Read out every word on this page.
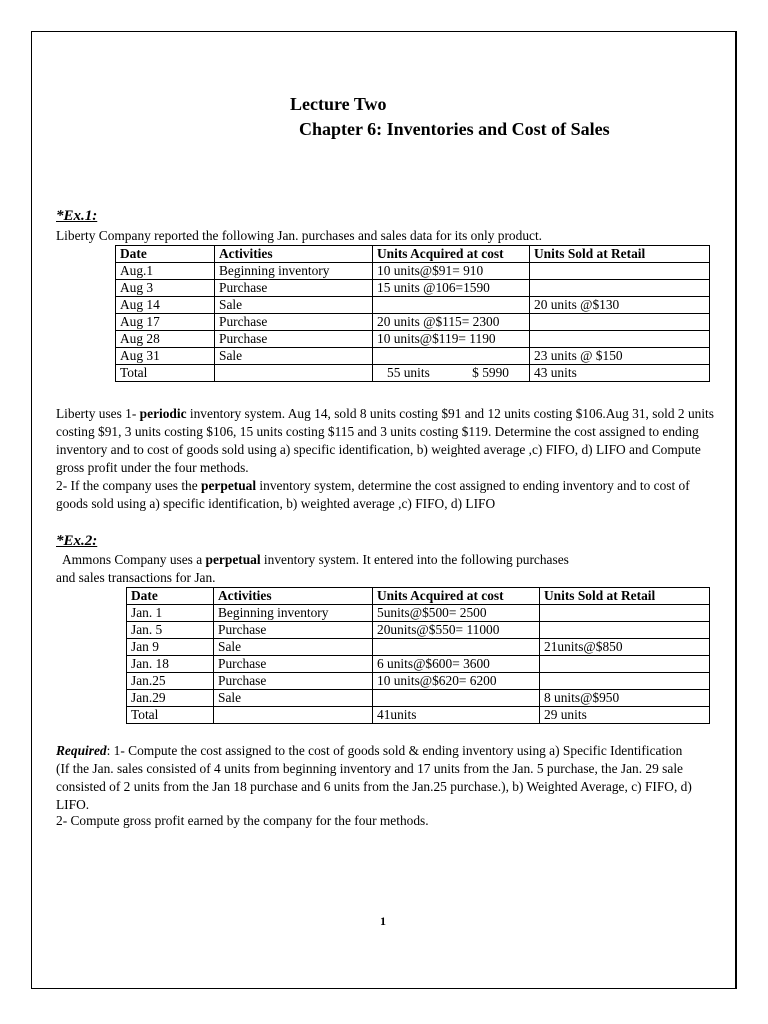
Lecture Two
Chapter 6: Inventories and Cost of Sales
*Ex.1:
Liberty Company reported the following Jan. purchases and sales data for its only product.
Date	Activities	Units Acquired at cost	Units Sold at Retail
Aug.1	Beginning inventory	10 units@$91= 910	
Aug 3	Purchase	15 units @106=1590	
Aug 14	Sale		20 units @$130
Aug 17	Purchase	20 units @$115= 2300	
Aug 28	Purchase	10 units@$119= 1190	
Aug 31	Sale		23 units @ $150
Total		55 units $ 5990	43 units
Liberty uses 1- periodic inventory system. Aug 14, sold 8 units costing $91 and 12 units costing $106.Aug 31, sold 2 units costing $91, 3 units costing $106, 15 units costing $115 and 3 units costing $119. Determine the cost assigned to ending inventory and to cost of goods sold using a) specific identification, b) weighted average ,c) FIFO, d) LIFO and Compute gross profit under the four methods.
2- If the company uses the perpetual inventory system, determine the cost assigned to ending inventory and to cost of goods sold using a) specific identification, b) weighted average ,c) FIFO, d) LIFO
*Ex.2:
Ammons Company uses a perpetual inventory system. It entered into the following purchases
and sales transactions for Jan.
Date	Activities	Units Acquired at cost	Units Sold at Retail
Jan. 1	Beginning inventory	5units@$500= 2500	
Jan. 5	Purchase	20units@$550= 11000	
Jan 9	Sale		21units@$850
Jan. 18	Purchase	6 units@$600= 3600	
Jan.25	Purchase	10 units@$620= 6200	
Jan.29	Sale		8 units@$950
Total		41units	29 units
Required: 1- Compute the cost assigned to the cost of goods sold & ending inventory using a) Specific Identification (If the Jan. sales consisted of 4 units from beginning inventory and 17 units from the Jan. 5 purchase, the Jan. 29 sale consisted of 2 units from the Jan 18 purchase and 6 units from the Jan.25 purchase.), b) Weighted Average, c) FIFO, d) LIFO.
2- Compute gross profit earned by the company for the four methods.
1
